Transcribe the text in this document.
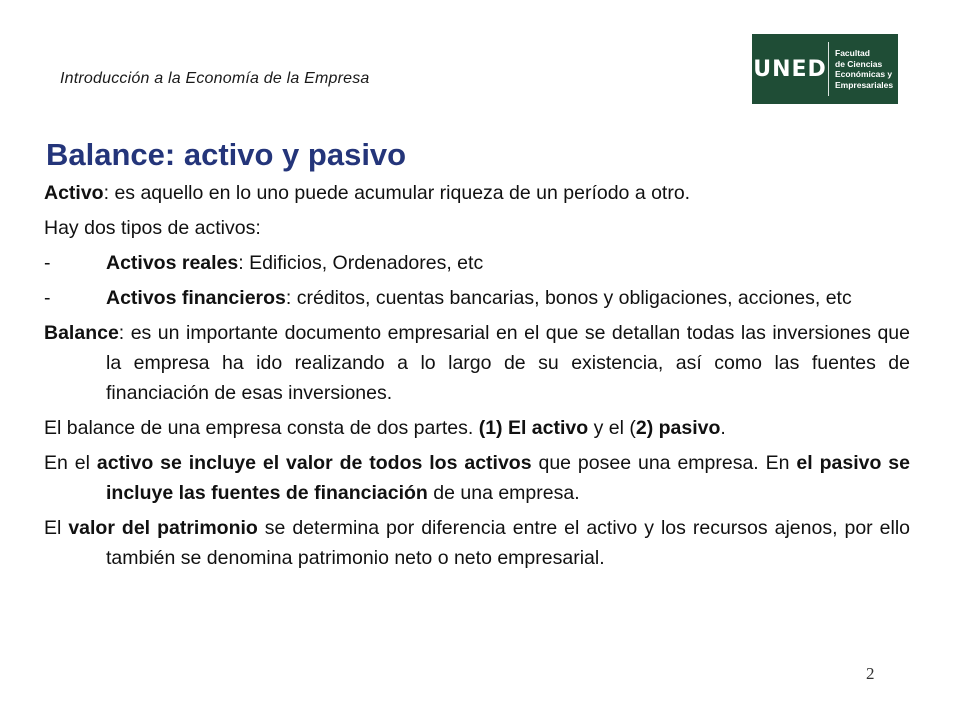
Introducción a la Economía de la Empresa	UNED
Facultad
de Ciencias
Económicas y
Empresariales
Balance: activo y pasivo

Activo: es aquello en lo uno puede acumular riqueza de un período a otro.

Hay dos tipos de activos:

-	Activos reales: Edificios, Ordenadores, etc
-	Activos financieros: créditos, cuentas bancarias, bonos y obligaciones, acciones, etc

Balance: es un importante documento empresarial en el que se detallan todas las inversiones que la empresa ha ido realizando a lo largo de su existencia, así como las fuentes de financiación de esas inversiones.

El balance de una empresa consta de dos partes. (1) El activo y el (2) pasivo.

En el activo se incluye el valor de todos los activos que posee una empresa. En el pasivo se incluye las fuentes de financiación de una empresa.

El valor del patrimonio se determina por diferencia entre el activo y los recursos ajenos, por ello también se denomina patrimonio neto o neto empresarial.

2
